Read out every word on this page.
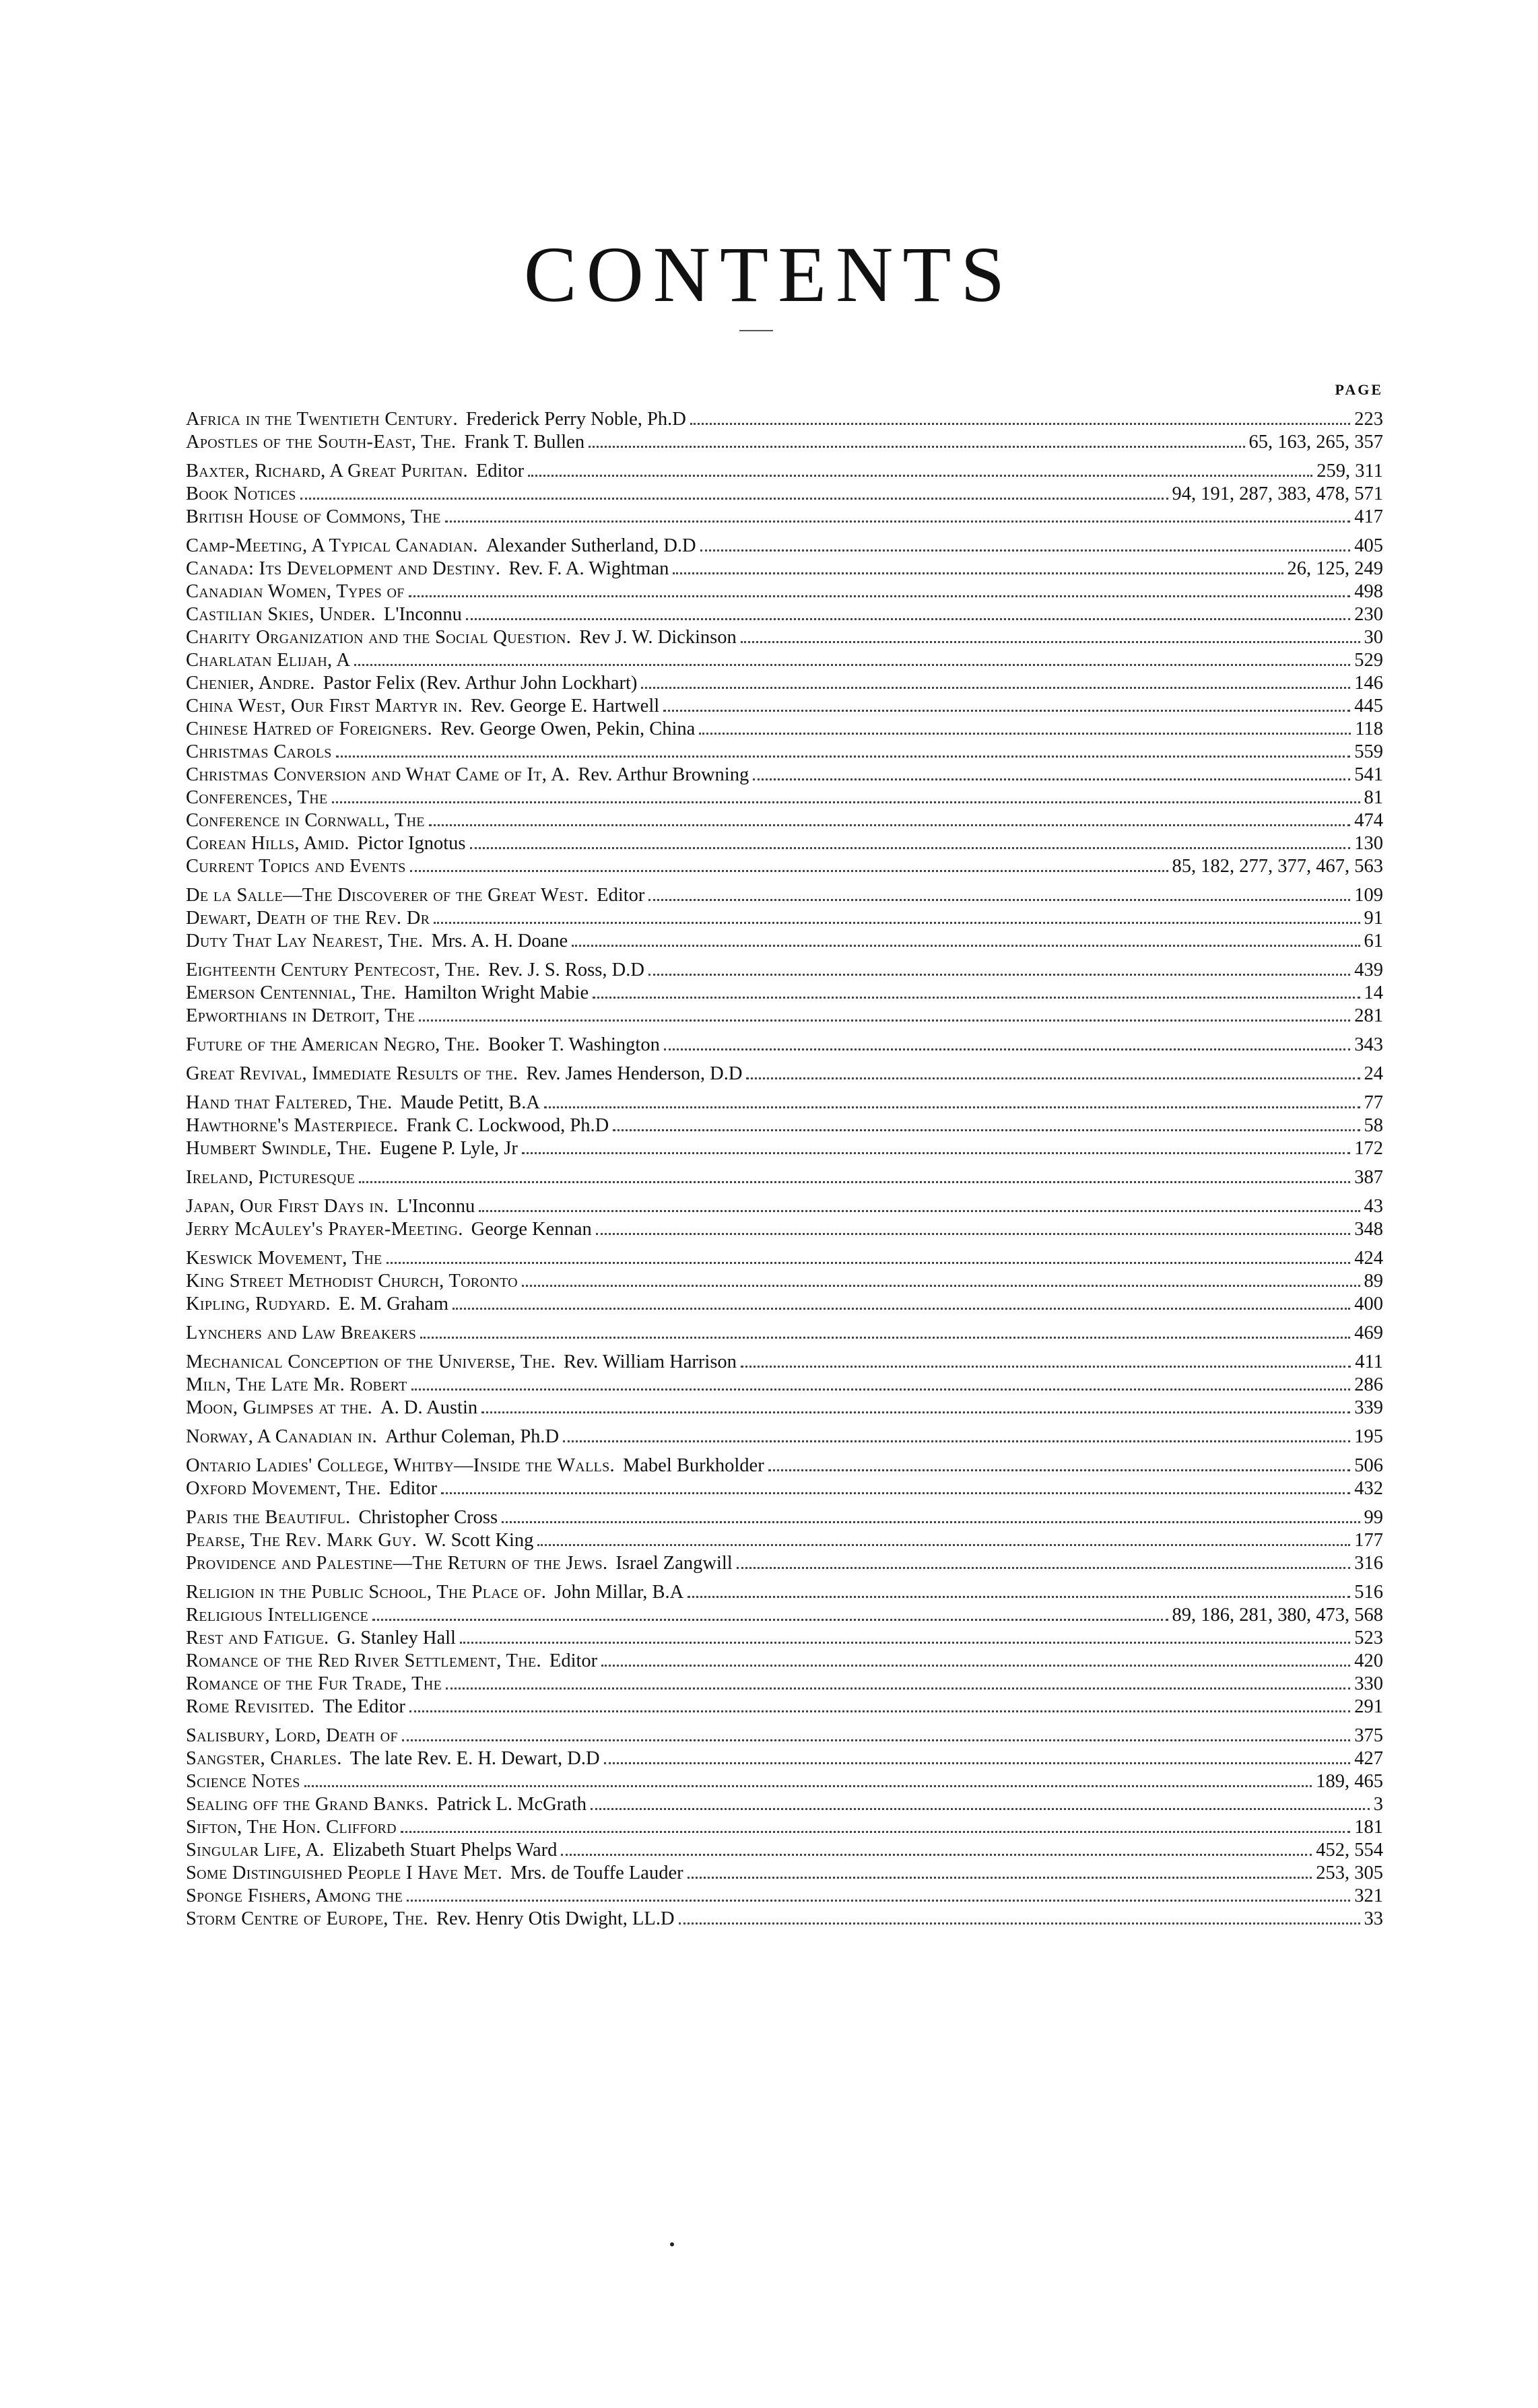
CONTENTS
PAGE
Africa in the Twentieth Century. Frederick Perry Noble, Ph.D	223
Apostles of the South-East, The. Frank T. Bullen	65, 163, 265, 357
Baxter, Richard, A Great Puritan. Editor	259, 311
Book Notices	94, 191, 287, 383, 478, 571
British House of Commons, The	417
Camp-Meeting, A Typical Canadian. Alexander Sutherland, D.D	405
Canada: Its Development and Destiny. Rev. F. A. Wightman	26, 125, 249
Canadian Women, Types of	498
Castilian Skies, Under. L'Inconnu	230
Charity Organization and the Social Question. Rev J. W. Dickinson	30
Charlatan Elijah, A	529
Chenier, Andre. Pastor Felix (Rev. Arthur John Lockhart)	146
China West, Our First Martyr in. Rev. George E. Hartwell	445
Chinese Hatred of Foreigners. Rev. George Owen, Pekin, China	118
Christmas Carols	559
Christmas Conversion and What Came of It, A. Rev. Arthur Browning	541
Conferences, The	81
Conference in Cornwall, The	474
Corean Hills, Amid. Pictor Ignotus	130
Current Topics and Events	85, 182, 277, 377, 467, 563
De la Salle—The Discoverer of the Great West. Editor	109
Dewart, Death of the Rev. Dr	91
Duty That Lay Nearest, The. Mrs. A. H. Doane	61
Eighteenth Century Pentecost, The. Rev. J. S. Ross, D.D	439
Emerson Centennial, The. Hamilton Wright Mabie	14
Epworthians in Detroit, The	281
Future of the American Negro, The. Booker T. Washington	343
Great Revival, Immediate Results of the. Rev. James Henderson, D.D	24
Hand that Faltered, The. Maude Petitt, B.A	77
Hawthorne's Masterpiece. Frank C. Lockwood, Ph.D	58
Humbert Swindle, The. Eugene P. Lyle, Jr	172
Ireland, Picturesque	387
Japan, Our First Days in. L'Inconnu	43
Jerry McAuley's Prayer-Meeting. George Kennan	348
Keswick Movement, The	424
King Street Methodist Church, Toronto	89
Kipling, Rudyard. E. M. Graham	400
Lynchers and Law Breakers	469
Mechanical Conception of the Universe, The. Rev. William Harrison	411
Miln, The Late Mr. Robert	286
Moon, Glimpses at the. A. D. Austin	339
Norway, A Canadian in. Arthur Coleman, Ph.D	195
Ontario Ladies' College, Whitby—Inside the Walls. Mabel Burkholder	506
Oxford Movement, The. Editor	432
Paris the Beautiful. Christopher Cross	99
Pearse, The Rev. Mark Guy. W. Scott King	177
Providence and Palestine—The Return of the Jews. Israel Zangwill	316
Religion in the Public School, The Place of. John Millar, B.A	516
Religious Intelligence	89, 186, 281, 380, 473, 568
Rest and Fatigue. G. Stanley Hall	523
Romance of the Red River Settlement, The. Editor	420
Romance of the Fur Trade, The	330
Rome Revisited. The Editor	291
Salisbury, Lord, Death of	375
Sangster, Charles. The late Rev. E. H. Dewart, D.D	427
Science Notes	189, 465
Sealing off the Grand Banks. Patrick L. McGrath	3
Sifton, The Hon. Clifford	181
Singular Life, A. Elizabeth Stuart Phelps Ward	452, 554
Some Distinguished People I Have Met. Mrs. de Touffe Lauder	253, 305
Sponge Fishers, Among the	321
Storm Centre of Europe, The. Rev. Henry Otis Dwight, LL.D	33
